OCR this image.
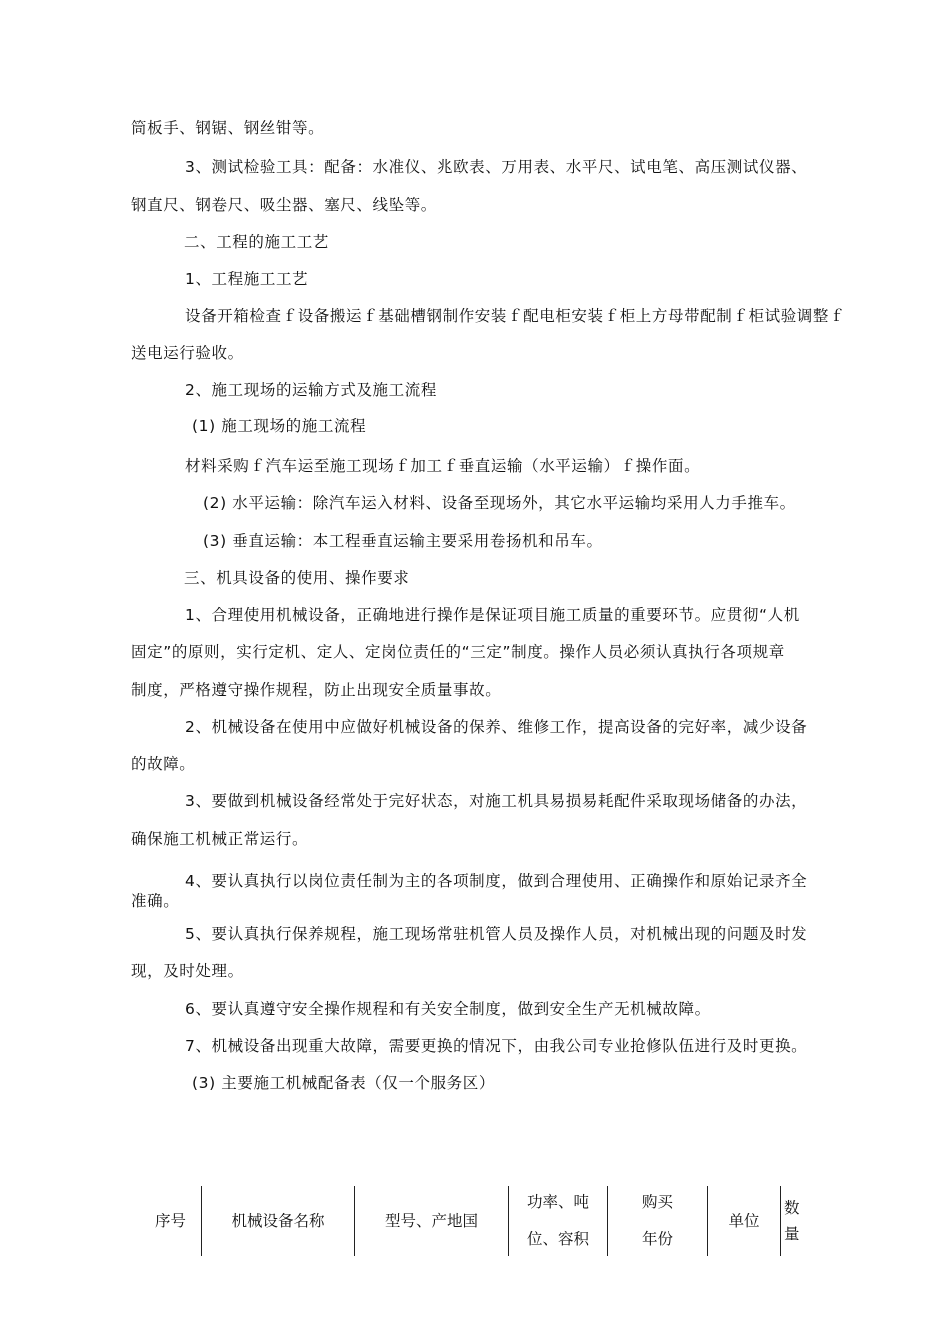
筒板手、钢锯、钢丝钳等。
3、测试检验工具：配备：水准仪、兆欧表、万用表、水平尺、试电笔、高压测试仪器、
钢直尺、钢卷尺、吸尘器、塞尺、线坠等。
二、工程的施工工艺
1、工程施工工艺
设备开箱检查ｆ设备搬运ｆ基础槽钢制作安装ｆ配电柜安装ｆ柜上方母带配制ｆ柜试验调整ｆ
送电运行验收。
2、施工现场的运输方式及施工流程
(1) 施工现场的施工流程
材料采购ｆ汽车运至施工现场ｆ加工ｆ垂直运输（水平运输）ｆ操作面。
(2) 水平运输：除汽车运入材料、设备至现场外，其它水平运输均采用人力手推车。
(3) 垂直运输：本工程垂直运输主要采用卷扬机和吊车。
三、机具设备的使用、操作要求
1、合理使用机械设备，正确地进行操作是保证项目施工质量的重要环节。应贯彻“人机
固定”的原则，实行定机、定人、定岗位责任的“三定”制度。操作人员必须认真执行各项规章
制度，严格遵守操作规程，防止出现安全质量事故。
2、机械设备在使用中应做好机械设备的保养、维修工作，提高设备的完好率，减少设备
的故障。
3、要做到机械设备经常处于完好状态，对施工机具易损易耗配件采取现场储备的办法，
确保施工机械正常运行。
4、要认真执行以岗位责任制为主的各项制度，做到合理使用、正确操作和原始记录齐全
准确。
5、要认真执行保养规程，施工现场常驻机管人员及操作人员，对机械出现的问题及时发
现，及时处理。
6、要认真遵守安全操作规程和有关安全制度，做到安全生产无机械故障。
7、机械设备出现重大故障，需要更换的情况下，由我公司专业抢修队伍进行及时更换。
(3) 主要施工机械配备表（仅一个服务区）
序号	机械设备名称	型号、产地国
功率、吨
位、容积
购买
年份
单位
数
量
